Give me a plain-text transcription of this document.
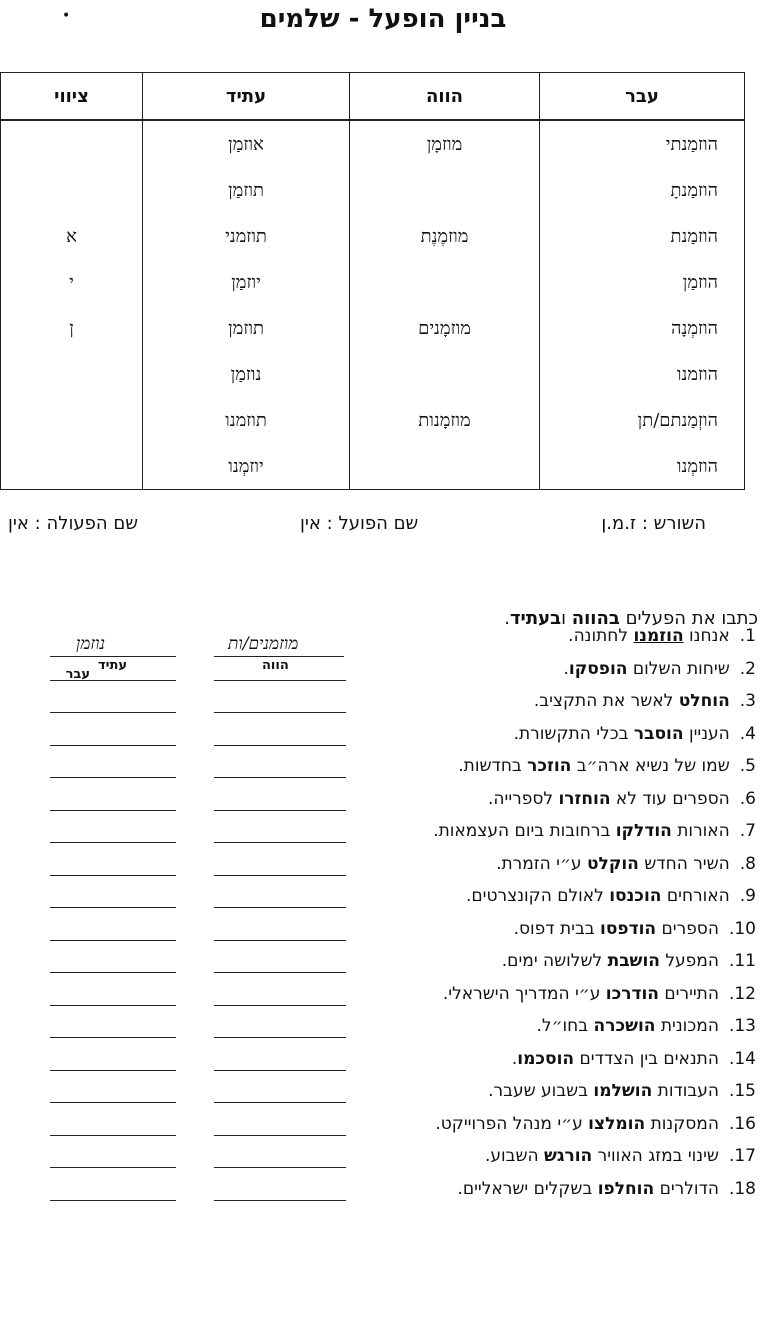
בניין הופעל - שלמים
•
עבר	הווה	עתיד	ציווי
הוזמַנתי	מוזמָן	אוזמַן	
הוזמַנתָ		תוזמַן	
הוזמַנת	מוזמֶנֶת	תוזמני	א
הוזמַן		יוזמַן	י
הוזמְנָה	מוזמָנים	תוזמן	ן
הוזמנו		נוזמַן	
הוזְמַנתם/תן	מוזמָנות	תוזמנו	
הוזמְנו		יוזמְנו	
השורש : ז.מ.ן
שם הפועל : אין
שם הפעולה : אין
כתבו את הפעלים בהווה ובעתיד.
מוזמנים/ות
נוזמן
הווה
עתיד
עבר
1.אנחנו הוזמנו לחתונה.
2.שיחות השלום הופסקו.
3.הוחלט לאשר את התקציב.
4.העניין הוסבר בכלי התקשורת.
5.שמו של נשיא ארה״ב הוזכר בחדשות.
6.הספרים עוד לא הוחזרו לספרייה.
7.האורות הודלקו ברחובות ביום העצמאות.
8.השיר החדש הוקלט ע״י הזמרת.
9.האורחים הוכנסו לאולם הקונצרטים.
10.הספרים הודפסו בבית דפוס.
11.המפעל הושבת לשלושה ימים.
12.התיירים הודרכו ע״י המדריך הישראלי.
13.המכונית הושכרה בחו״ל.
14.התנאים בין הצדדים הוסכמו.
15.העבודות הושלמו בשבוע שעבר.
16.המסקנות הומלצו ע״י מנהל הפרוייקט.
17.שינוי במזג האוויר הורגש השבוע.
18.הדולרים הוחלפו בשקלים ישראליים.
